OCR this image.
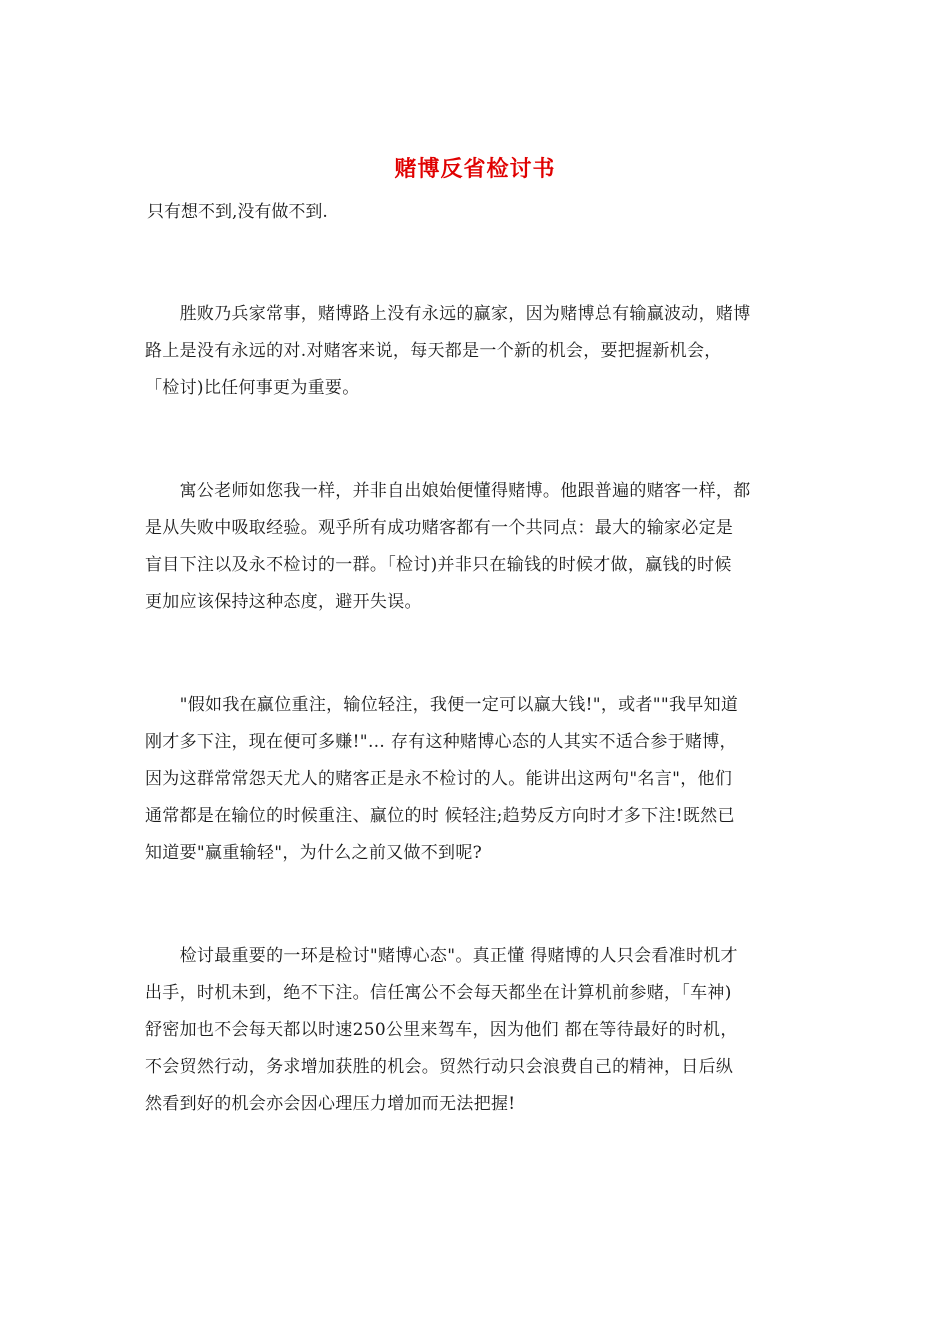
赌博反省检讨书
只有想不到,没有做不到.
　　胜败乃兵家常事，赌博路上没有永远的赢家，因为赌博总有输赢波动，赌博
路上是没有永远的对.对赌客来说，每天都是一个新的机会，要把握新机会，
「检讨)比任何事更为重要。
　　寓公老师如您我一样，并非自出娘始便懂得赌博。他跟普遍的赌客一样，都
是从失败中吸取经验。观乎所有成功赌客都有一个共同点：最大的输家必定是
盲目下注以及永不检讨的一群。「检讨)并非只在输钱的时候才做，赢钱的时候
更加应该保持这种态度，避开失误。
　　"假如我在赢位重注，输位轻注，我便一定可以赢大钱!"，或者""我早知道
刚才多下注，现在便可多赚!"… 存有这种赌博心态的人其实不适合参于赌博，
因为这群常常怨天尤人的赌客正是永不检讨的人。能讲出这两句"名言"，他们
通常都是在输位的时候重注、赢位的时 候轻注;趋势反方向时才多下注!既然已
知道要"赢重输轻"，为什么之前又做不到呢?
　　检讨最重要的一环是检讨"赌博心态"。真正懂 得赌博的人只会看准时机才
出手，时机未到，绝不下注。信任寓公不会每天都坐在计算机前参赌，「车神)
舒密加也不会每天都以时速250公里来驾车，因为他们 都在等待最好的时机，
不会贸然行动，务求增加获胜的机会。贸然行动只会浪费自己的精神，日后纵
然看到好的机会亦会因心理压力增加而无法把握!
